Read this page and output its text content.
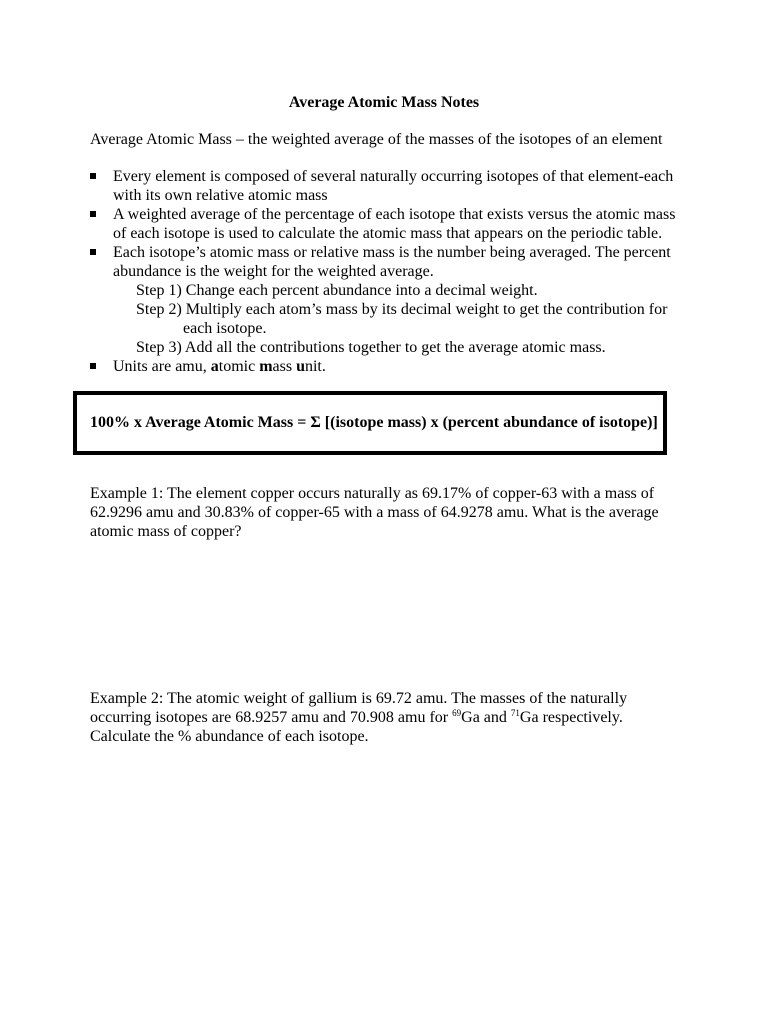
Average Atomic Mass Notes
Average Atomic Mass – the weighted average of the masses of the isotopes of an element
Every element is composed of several naturally occurring isotopes of that element-each with its own relative atomic mass
A weighted average of the percentage of each isotope that exists versus the atomic mass of each isotope is used to calculate the atomic mass that appears on the periodic table.
Each isotope’s atomic mass or relative mass is the number being averaged. The percent abundance is the weight for the weighted average.
Step 1) Change each percent abundance into a decimal weight.
Step 2) Multiply each atom’s mass by its decimal weight to get the contribution for
each isotope.
Step 3) Add all the contributions together to get the average atomic mass.
Units are amu, atomic mass unit.
100% x Average Atomic Mass = Σ [(isotope mass) x (percent abundance of isotope)]
Example 1: The element copper occurs naturally as 69.17% of copper-63 with a mass of 62.9296 amu and 30.83% of copper-65 with a mass of 64.9278 amu. What is the average atomic mass of copper?
Example 2: The atomic weight of gallium is 69.72 amu. The masses of the naturally occurring isotopes are 68.9257 amu and 70.908 amu for $^{69}$Ga and $^{71}$Ga respectively. Calculate the % abundance of each isotope.
